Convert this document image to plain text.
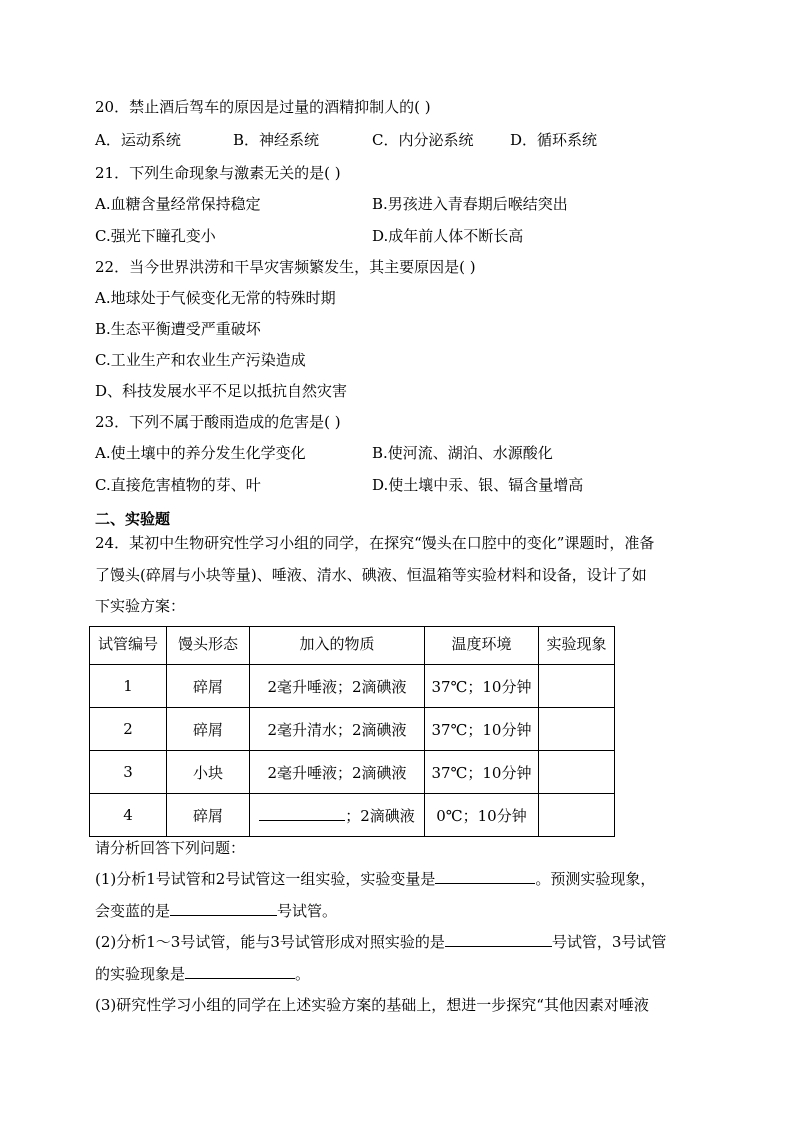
20．禁止酒后驾车的原因是过量的酒精抑制人的( )
A．运动系统	B．神经系统	C．内分泌系统 D．循环系统
21．下列生命现象与激素无关的是( )
A.血糖含量经常保持稳定	B.男孩进入青春期后喉结突出
C.强光下瞳孔变小	D.成年前人体不断长高
22．当今世界洪涝和干旱灾害频繁发生，其主要原因是( )
A.地球处于气候变化无常的特殊时期
B.生态平衡遭受严重破坏
C.工业生产和农业生产污染造成
D、科技发展水平不足以抵抗自然灾害
23．下列不属于酸雨造成的危害是( )
A.使土壤中的养分发生化学变化	B.使河流、湖泊、水源酸化
C.直接危害植物的芽、叶	D.使土壤中汞、银、镉含量增高
二、实验题
24．某初中生物研究性学习小组的同学，在探究“馒头在口腔中的变化”课题时，准备
了馒头(碎屑与小块等量)、唾液、清水、碘液、恒温箱等实验材料和设备，设计了如
下实验方案：
试管编号	馒头形态	加入的物质	温度环境	实验现象
1	碎屑	2毫升唾液；2滴碘液	37℃；10分钟	
2	碎屑	2毫升清水；2滴碘液	37℃；10分钟	
3	小块	2毫升唾液；2滴碘液	37℃；10分钟	
4	碎屑	；2滴碘液	0℃；10分钟	
请分析回答下列问题：
(1)分析1号试管和2号试管这一组实验，实验变量是	。预测实验现象，
会变蓝的是	号试管。
(2)分析1～3号试管，能与3号试管形成对照实验的是	号试管，3号试管
的实验现象是	。
(3)研究性学习小组的同学在上述实验方案的基础上，想进一步探究“其他因素对唾液
